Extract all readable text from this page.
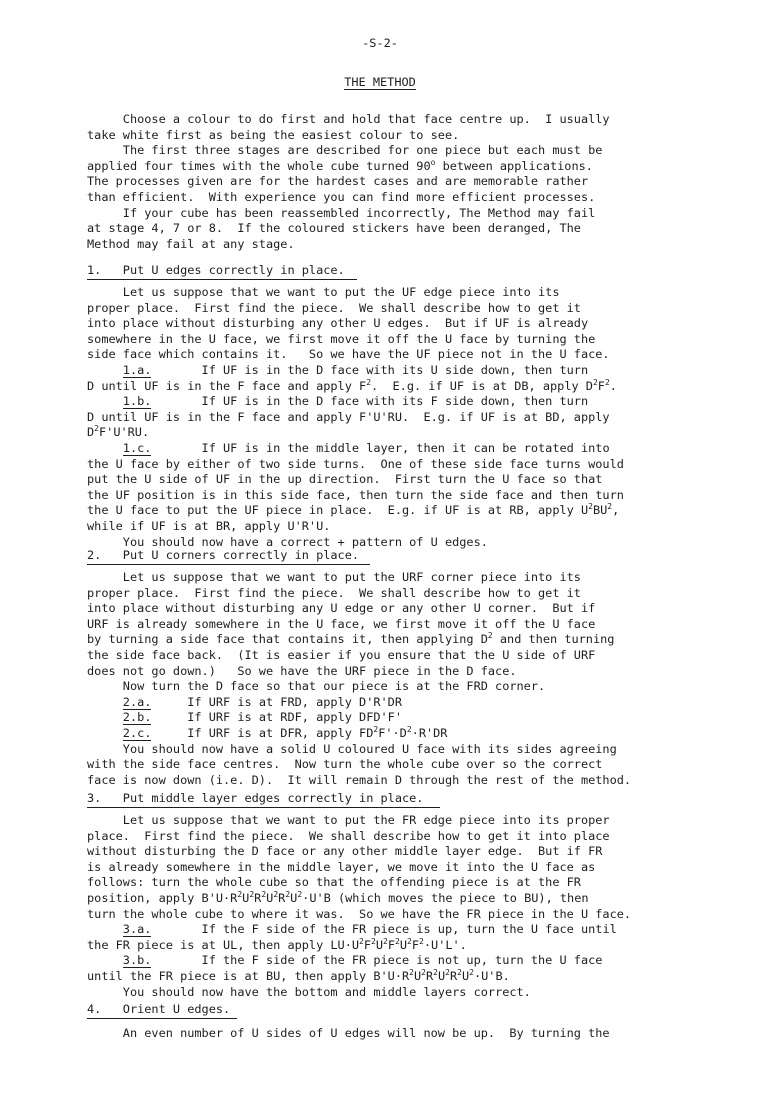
-S-2-
THE METHOD
Choose a colour to do first and hold that face centre up.  I usually
take white first as being the easiest colour to see.
The first three stages are described for one piece but each must be
applied four times with the whole cube turned 90$^o$ between applications.
The processes given are for the hardest cases and are memorable rather
than efficient.  With experience you can find more efficient processes.
If your cube has been reassembled incorrectly, The Method may fail
at stage 4, 7 or 8.  If the coloured stickers have been deranged, The
Method may fail at any stage.
1.   Put U edges correctly in place.
Let us suppose that we want to put the UF edge piece into its
proper place.  First find the piece.  We shall describe how to get it
into place without disturbing any other U edges.  But if UF is already
somewhere in the U face, we first move it off the U face by turning the
side face which contains it.   So we have the UF piece not in the U face.
1.a.       If UF is in the D face with its U side down, then turn
D until UF is in the F face and apply $F^2$.  E.g. if UF is at DB, apply $D^2F^2$.
1.b.       If UF is in the D face with its F side down, then turn
D until UF is in the F face and apply F'U'RU.  E.g. if UF is at BD, apply
$D^2F'U'RU$.
1.c.       If UF is in the middle layer, then it can be rotated into
the U face by either of two side turns.  One of these side face turns would
put the U side of UF in the up direction.  First turn the U face so that
the UF position is in this side face, then turn the side face and then turn
the U face to put the UF piece in place.  E.g. if UF is at RB, apply $U^2BU^2$,
while if UF is at BR, apply U'R'U.
You should now have a correct + pattern of U edges.
2.   Put U corners correctly in place.
Let us suppose that we want to put the URF corner piece into its
proper place.  First find the piece.  We shall describe how to get it
into place without disturbing any U edge or any other U corner.  But if
URF is already somewhere in the U face, we first move it off the U face
by turning a side face that contains it, then applying $D^2$ and then turning
the side face back.  (It is easier if you ensure that the U side of URF
does not go down.)   So we have the URF piece in the D face.
Now turn the D face so that our piece is at the FRD corner.
2.a.     If URF is at FRD, apply D'R'DR
2.b.     If URF is at RDF, apply DFD'F'
2.c.     If URF is at DFR, apply $FD^2F'\cdot D^2\cdot R'DR$
You should now have a solid U coloured U face with its sides agreeing
with the side face centres.  Now turn the whole cube over so the correct
face is now down (i.e. D).  It will remain D through the rest of the method.
3.   Put middle layer edges correctly in place.
Let us suppose that we want to put the FR edge piece into its proper
place.  First find the piece.  We shall describe how to get it into place
without disturbing the D face or any other middle layer edge.  But if FR
is already somewhere in the middle layer, we move it into the U face as
follows: turn the whole cube so that the offending piece is at the FR
position, apply $B'U\cdot R^2U^2R^2U^2R^2U^2\cdot U'B$ (which moves the piece to BU), then
turn the whole cube to where it was.  So we have the FR piece in the U face.
3.a.       If the F side of the FR piece is up, turn the U face until
the FR piece is at UL, then apply $LU\cdot U^2F^2U^2F^2U^2F^2\cdot U'L'$.
3.b.       If the F side of the FR piece is not up, turn the U face
until the FR piece is at BU, then apply $B'U\cdot R^2U^2R^2U^2R^2U^2\cdot U'B$.
You should now have the bottom and middle layers correct.
4.   Orient U edges.
An even number of U sides of U edges will now be up.  By turning the
